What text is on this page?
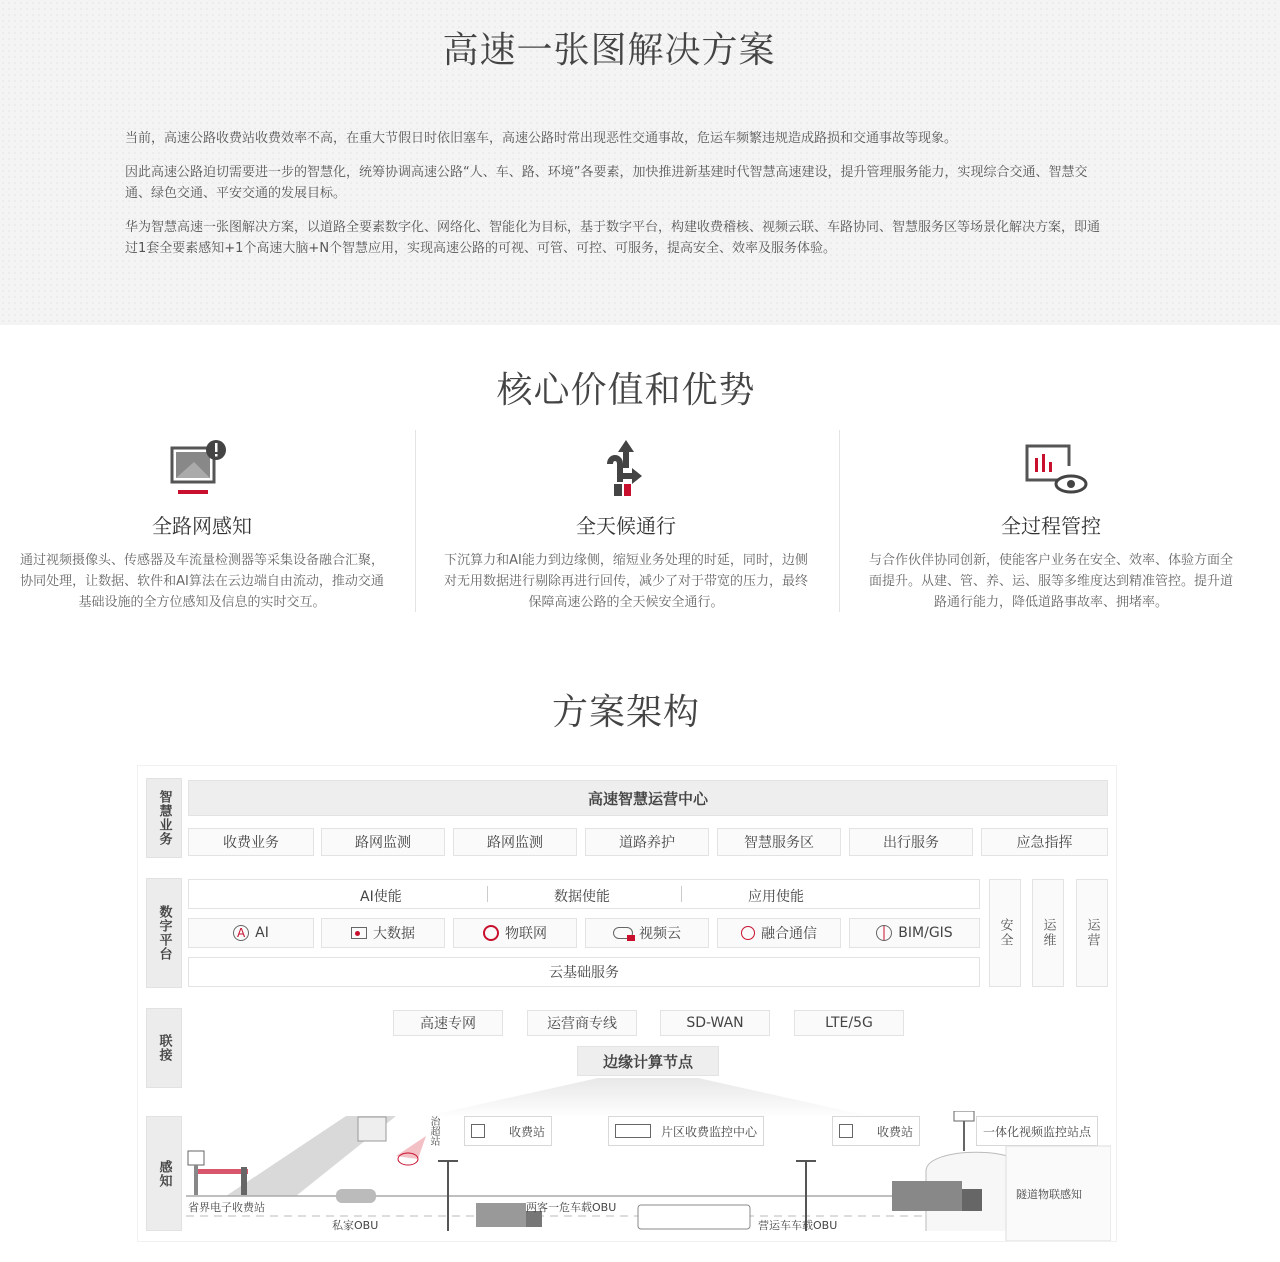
高速一张图解决方案

当前，高速公路收费站收费效率不高，在重大节假日时依旧塞车，高速公路时常出现恶性交通事故，危运车频繁违规造成路损和交通事故等现象。

因此高速公路迫切需要进一步的智慧化，统筹协调高速公路“人、车、路、环境”各要素，加快推进新基建时代智慧高速建设，提升管理服务能力，实现综合交通、智慧交通、绿色交通、平安交通的发展目标。

华为智慧高速一张图解决方案，以道路全要素数字化、网络化、智能化为目标，基于数字平台，构建收费稽核、视频云联、车路协同、智慧服务区等场景化解决方案，即通过1套全要素感知+1个高速大脑+N个智慧应用，实现高速公路的可视、可管、可控、可服务，提高安全、效率及服务体验。

核心价值和优势
全路网感知
通过视频摄像头、传感器及车流量检测器等采集设备融合汇聚，协同处理，让数据、软件和AI算法在云边端自由流动，推动交通基础设施的全方位感知及信息的实时交互。
全天候通行
下沉算力和AI能力到边缘侧，缩短业务处理的时延，同时，边侧对无用数据进行剔除再进行回传，减少了对于带宽的压力，最终保障高速公路的全天候安全通行。
全过程管控
与合作伙伴协同创新，使能客户业务在安全、效率、体验方面全面提升。从建、管、养、运、服等多维度达到精准管控。提升道路通行能力，降低道路事故率、拥堵率。
方案架构
智慧业务	高速智慧运营中心
收费业务	路网监测	路网监测	道路养护	智慧服务区	出行服务	应急指挥
数字平台
AI使能	数据使能	应用使能
A AI	大数据	物联网	视频云	融合通信	BIM/GIS
云基础服务
安全 运维 运营
联接
高速专网	运营商专线	SD-WAN	LTE/5G
边缘计算节点
感知
治超站	收费站	片区收费监控中心	收费站	一体化视频监控站点
省界电子收费站
私家OBU
两客一危车载OBU
营运车车载OBU
隧道物联感知
